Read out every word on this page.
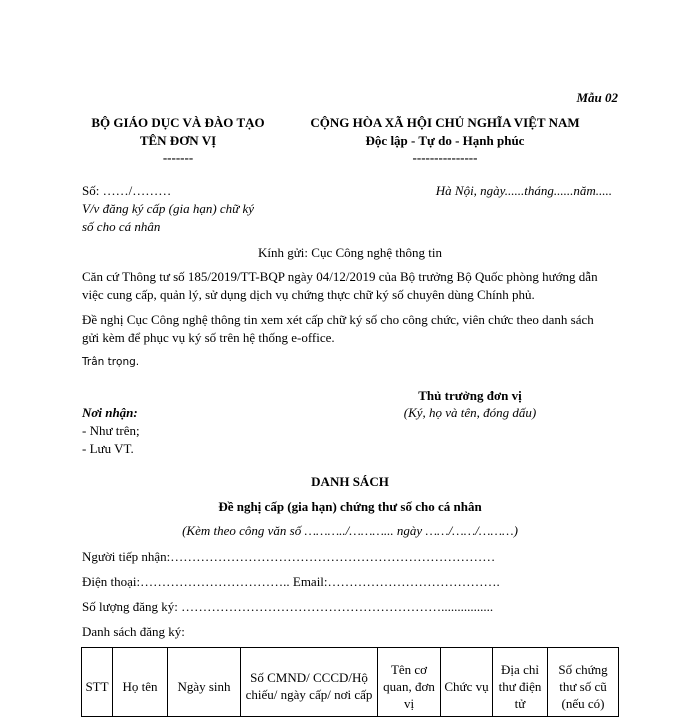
Mẫu 02
BỘ GIÁO DỤC VÀ ĐÀO TẠO
TÊN ĐƠN VỊ
-------
CỘNG HÒA XÃ HỘI CHỦ NGHĨA VIỆT NAM
Độc lập - Tự do - Hạnh phúc
---------------
Số: ……/………
V/v đăng ký cấp (gia hạn) chữ ký
số cho cá nhân
Hà Nội, ngày......tháng......năm.....
Kính gửi: Cục Công nghệ thông tin
Căn cứ Thông tư số 185/2019/TT-BQP ngày 04/12/2019 của Bộ trưởng Bộ Quốc phòng hướng dẫn việc cung cấp, quản lý, sử dụng dịch vụ chứng thực chữ ký số chuyên dùng Chính phủ.
Đề nghị Cục Công nghệ thông tin xem xét cấp chữ ký số cho công chức, viên chức theo danh sách gửi kèm để phục vụ ký số trên hệ thống e-office.
Trân trọng.
Thủ trưởng đơn vị
(Ký, họ và tên, đóng dấu)
Nơi nhận:
- Như trên;
- Lưu VT.
DANH SÁCH
Đề nghị cấp (gia hạn) chứng thư số cho cá nhân
(Kèm theo công văn số ………../………... ngày ……/……/………)
Người tiếp nhận:…………………………………………………………………
Điện thoại:…………………………….. Email:………………………………….
Số lượng đăng ký: ……………………………………………………................
Danh sách đăng ký:
STT	Họ tên	Ngày sinh	Số CMND/ CCCD/Hộ chiếu/ ngày cấp/ nơi cấp	Tên cơ quan, đơn vị	Chức vụ	Địa chỉ thư điện tử	Số chứng thư số cũ (nếu có)
